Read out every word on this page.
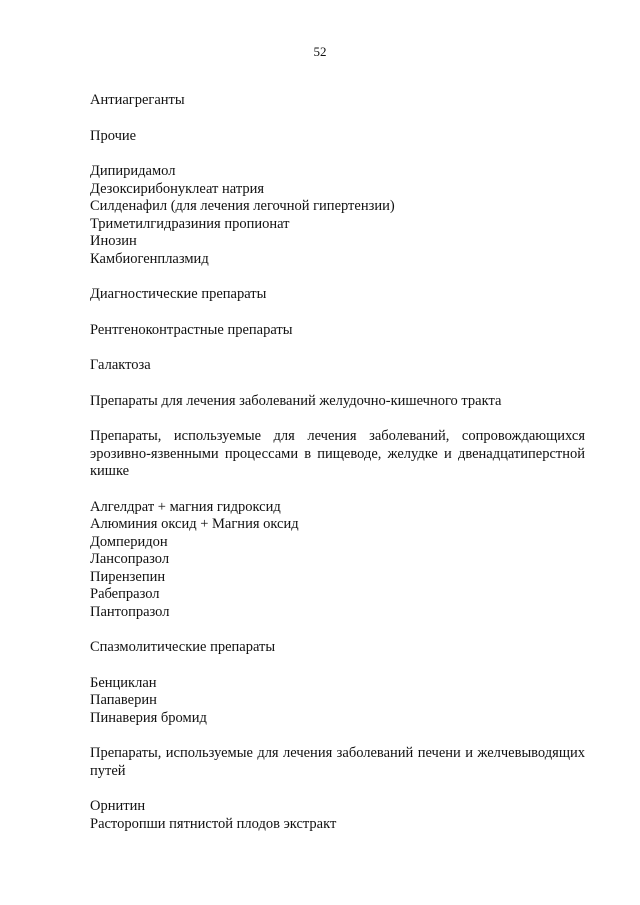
52

Антиагреганты

Прочие

Дипиридамол
Дезоксирибонуклеат натрия
Силденафил (для лечения легочной гипертензии)
Триметилгидразиния пропионат
Инозин
Камбиогенплазмид

Диагностические препараты

Рентгеноконтрастные препараты

Галактоза

Препараты для лечения заболеваний желудочно-кишечного тракта

Препараты, используемые для лечения заболеваний, сопровождающихся эрозивно-язвенными процессами в пищеводе, желудке и двенадцатиперстной кишке

Алгелдрат + магния гидроксид
Алюминия оксид + Магния оксид
Домперидон
Лансопразол
Пирензепин
Рабепразол
Пантопразол

Спазмолитические препараты

Бенциклан
Папаверин
Пинаверия бромид

Препараты, используемые для лечения заболеваний печени и желчевыводящих путей

Орнитин
Расторопши пятнистой плодов экстракт
